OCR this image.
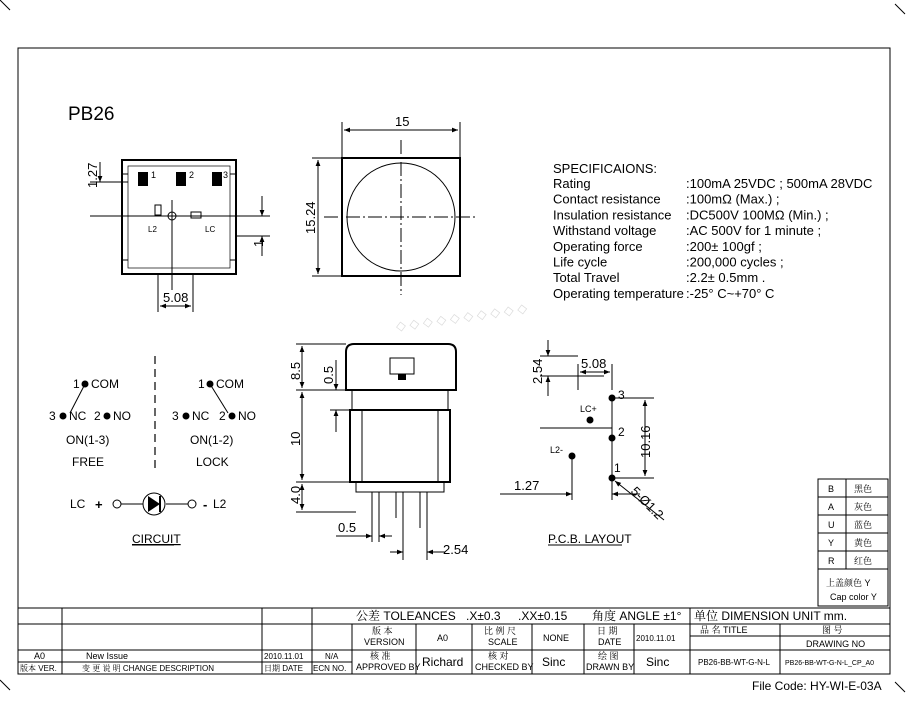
PB26
1	2	3
L2	LC
1.27
1
5.08
15
15.24
8.5 0.5
10
4.0
0.5
2.54
SPECIFICAIONS:
Rating	:100mA 25VDC ; 500mA 28VDC
Contact resistance :100mΩ (Max.) ;
Insulation resistance :DC500V 100MΩ (Min.) ;
Withstand voltage :AC 500V for 1 minute ;
Operating force	:200± 100gf ;
Life cycle	:200,000 cycles ;
Total Travel	:2.2± 0.5mm .
Operating temperature :-25° C~+70° C
◇ ◇ ◇ ◇ ◇ ◇ ◇ ◇ ◇ ◇
1 COM
3 NC 2 NO
ON(1-3)
FREE
1 COM
3 NC 2 NO
ON(1-2)
LOCK
LC +	- L2
CIRCUIT
2.54	5.08
10.16
3
2
1
LC+
L2-
1.27	5-Ø1.2
P.C.B. LAYOUT
B 黑色
A 灰色
U 蓝色
Y 黄色
R 红色
上盖颜色 Y
Cap color Y
公差 TOLEANCES .X±0.3 .XX±0.15 角度 ANGLE ±1° 单位 DIMENSION UNIT mm.
版 本
VERSION	A0
比 例 尺
SCALE	NONE
日 期
DATE 2010.11.01
品 名 TITLE
PB26-BB-WT-G-N-L
图 号
DRAWING NO
PB26-BB-WT-G-N-L_CP_A0
核 准
APPROVED BY Richard	核 对
CHECKED BY Sinc	绘 图
DRAWN BY Sinc
A0	New Issue	2010.11.01	N/A
版本 VER.	变 更 说 明 CHANGE DESCRIPTION	日期 DATE ECN NO.
File Code: HY-WI-E-03A
